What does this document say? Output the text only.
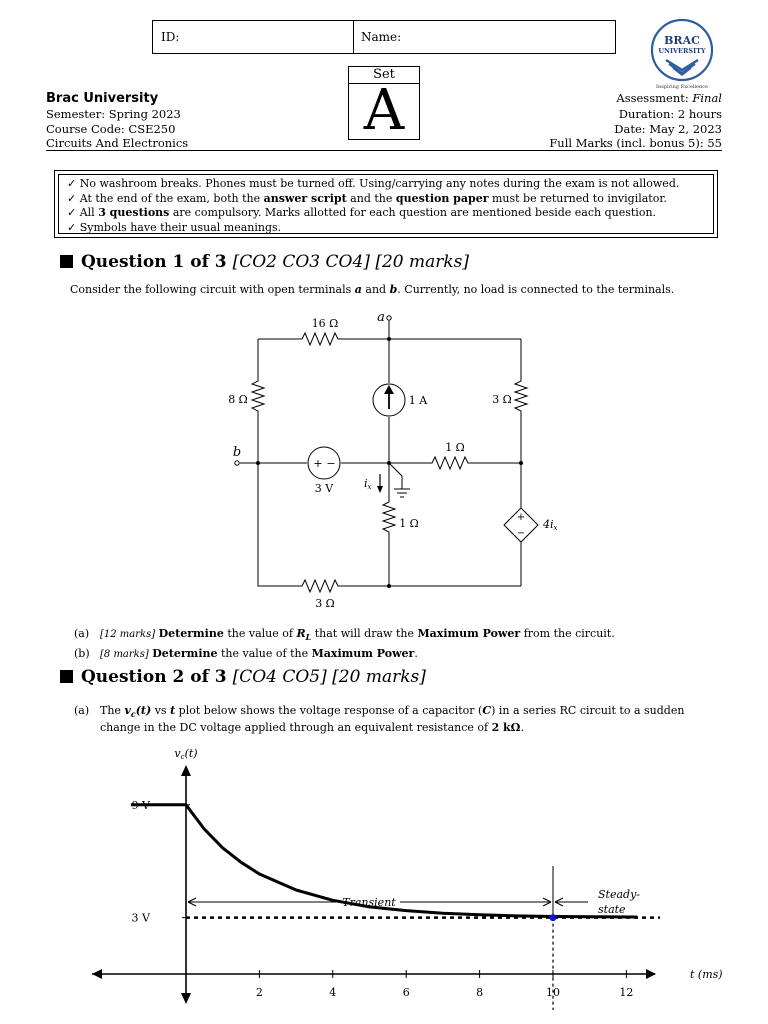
ID:	Name:
Set
A
BRAC
UNIVERSITY
Inspiring Excellence
Brac University
Semester: Spring 2023
Course Code: CSE250
Circuits And Electronics
Assessment: Final
Duration: 2 hours
Date: May 2, 2023
Full Marks (incl. bonus 5): 55
✓ No washroom breaks. Phones must be turned off. Using/carrying any notes during the exam is not allowed.
✓ At the end of the exam, both the answer script and the question paper must be returned to invigilator.
✓ All 3 questions are compulsory. Marks allotted for each question are mentioned beside each question.
✓ Symbols have their usual meanings.
Question 1 of 3 [CO2 CO3 CO4] [20 marks]
Consider the following circuit with open terminals a and b. Currently, no load is connected to the terminals.
+ −
+
−
16 Ω
8 Ω	3 Ω
1 Ω
1 Ω
3 Ω
1 A
3 V
4ix
ix
a
b
(a) [12 marks] Determine the value of $R_L$ that will draw the Maximum Power from the circuit.
(b) [8 marks] Determine the value of the Maximum Power.
Question 2 of 3 [CO4 CO5] [20 marks]
(a) The $v_c(t)$ vs t plot below shows the voltage response of a capacitor (C) in a series RC circuit to a sudden
change in the DC voltage applied through an equivalent resistance of 2 kΩ.
vc(t)
t (ms)
2	4	6	8	10	12
3 V
9 V
Transient
Steady-
state
